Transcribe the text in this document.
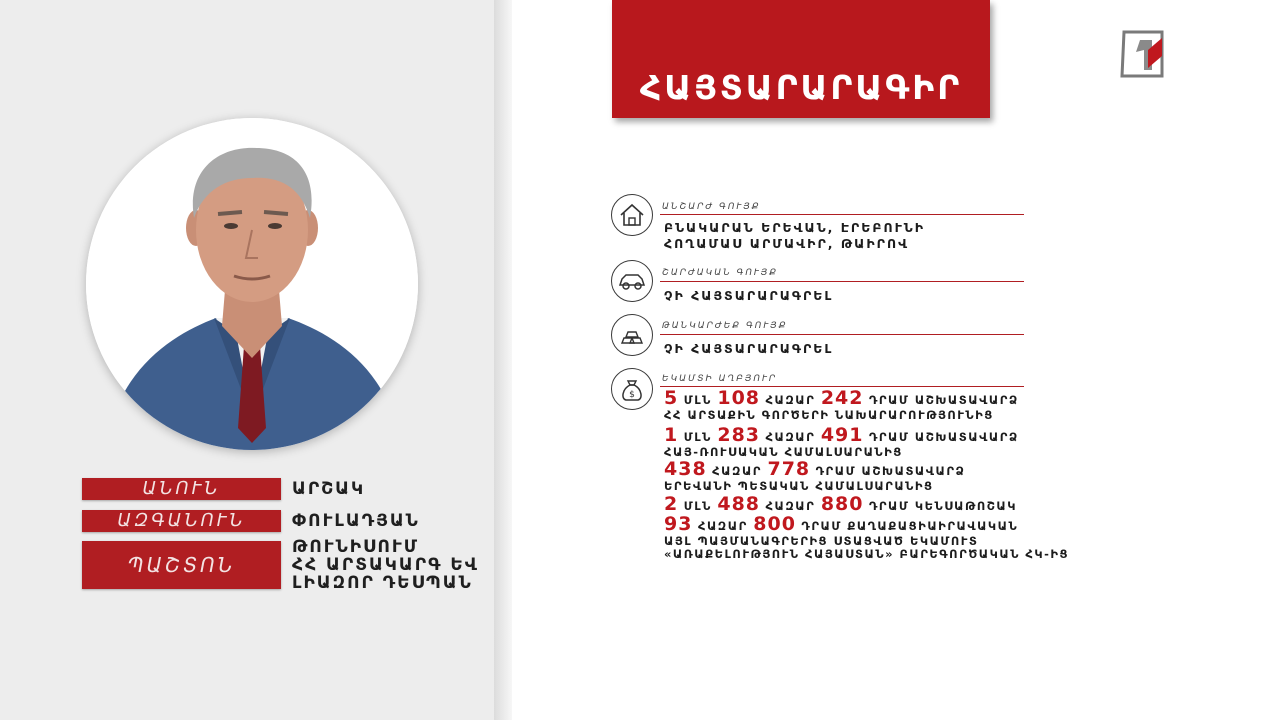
ԱՆՈՒՆ	ԱՐՇԱԿ
ԱԶԳԱՆՈՒՆ	ՓՈՒԼԱԴՅԱՆ
ՊԱՇՏՈՆ
ԹՈՒՆԻՍՈՒՄ
ՀՀ ԱՐՏԱԿԱՐԳ ԵՎ
ԼԻԱԶՈՐ ԴԵՍՊԱՆ
ՀԱՅՏԱՐԱՐԱԳԻՐ
ԱՆՇԱՐԺ ԳՈՒՅՔ
ԲՆԱԿԱՐԱՆ ԵՐԵՎԱՆ, ԷՐԵԲՈՒՆԻ
ՀՈՂԱՄԱՍ ԱՐՄԱՎԻՐ, ԹԱԻՐՈՎ
ՇԱՐԺԱԿԱՆ ԳՈՒՅՔ
ՉԻ ՀԱՅՏԱՐԱՐԱԳՐԵԼ
ԹԱՆԿԱՐԺԵՔ ԳՈՒՅՔ
ՉԻ ՀԱՅՏԱՐԱՐԱԳՐԵԼ
$
ԵԿԱՄՏԻ ԱՂԲՅՈՒՐ
5 ՄԼՆ 108 ՀԱԶԱՐ 242 ԴՐԱՄ ԱՇԽԱՏԱՎԱՐՁ
ՀՀ ԱՐՏԱՔԻՆ ԳՈՐԾԵՐԻ ՆԱԽԱՐԱՐՈՒԹՅՈՒՆԻՑ
1 ՄԼՆ 283 ՀԱԶԱՐ 491 ԴՐԱՄ ԱՇԽԱՏԱՎԱՐՁ
ՀԱՅ-ՌՈՒՍԱԿԱՆ ՀԱՄԱԼՍԱՐԱՆԻՑ
438 ՀԱԶԱՐ 778 ԴՐԱՄ ԱՇԽԱՏԱՎԱՐՁ
ԵՐԵՎԱՆԻ ՊԵՏԱԿԱՆ ՀԱՄԱԼՍԱՐԱՆԻՑ
2 ՄԼՆ 488 ՀԱԶԱՐ 880 ԴՐԱՄ ԿԵՆՍԱԹՈՇԱԿ
93 ՀԱԶԱՐ 800 ԴՐԱՄ ՔԱՂԱՔԱՑԻԱԻՐԱՎԱԿԱՆ
ԱՅԼ ՊԱՅՄԱՆԱԳՐԵՐԻՑ ՍՏԱՑՎԱԾ ԵԿԱՄՈՒՏ
«ԱՌԱՔԵԼՈՒԹՅՈՒՆ ՀԱՅԱՍՏԱՆ» ԲԱՐԵԳՈՐԾԱԿԱՆ ՀԿ-ԻՑ
